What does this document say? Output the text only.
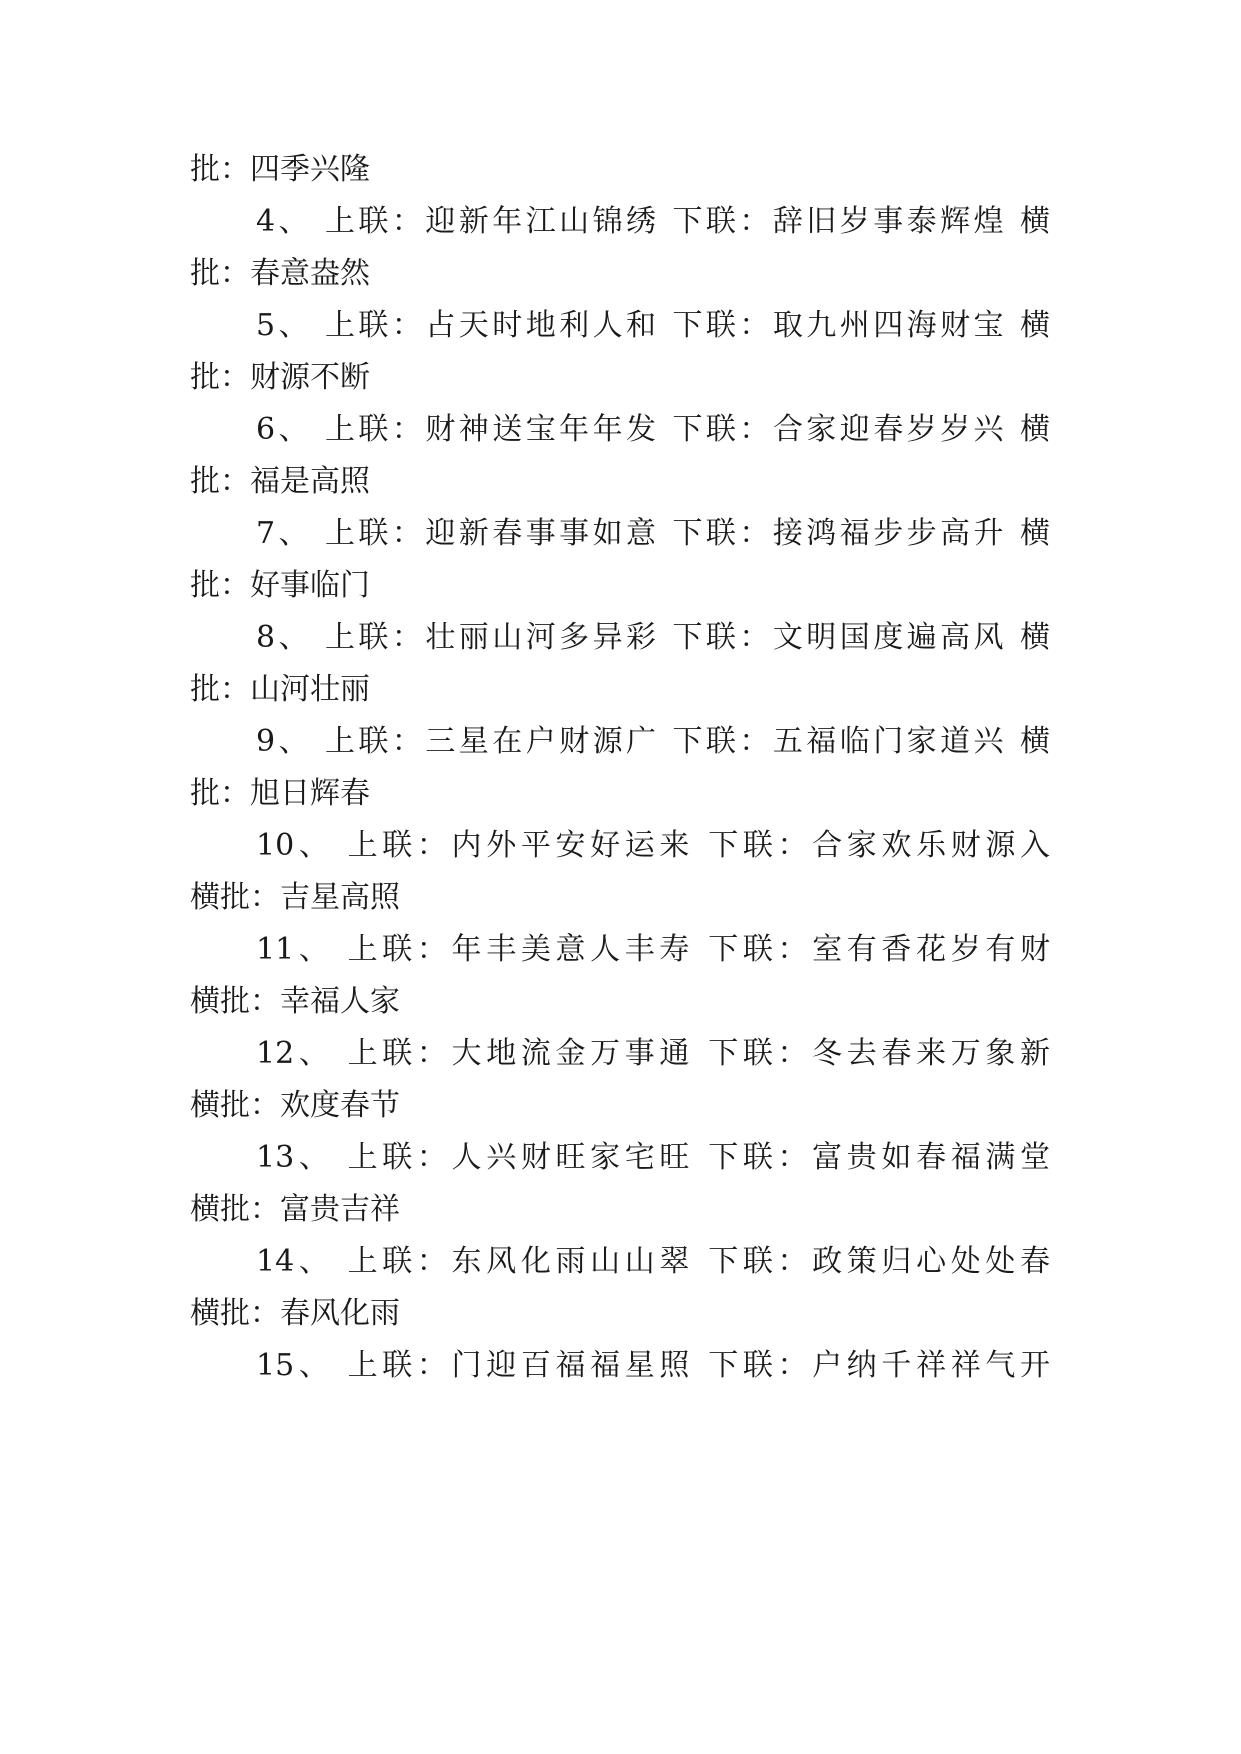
批：四季兴隆
4、 上联：迎新年江山锦绣 下联：辞旧岁事泰辉煌 横
批：春意盎然
5、 上联：占天时地利人和 下联：取九州四海财宝 横
批：财源不断
6、 上联：财神送宝年年发 下联：合家迎春岁岁兴 横
批：福是高照
7、 上联：迎新春事事如意 下联：接鸿福步步高升 横
批：好事临门
8、 上联：壮丽山河多异彩 下联：文明国度遍高风 横
批：山河壮丽
9、 上联：三星在户财源广 下联：五福临门家道兴 横
批：旭日辉春
10、 上联：内外平安好运来 下联：合家欢乐财源入
横批：吉星高照
11、 上联：年丰美意人丰寿 下联：室有香花岁有财
横批：幸福人家
12、 上联：大地流金万事通 下联：冬去春来万象新
横批：欢度春节
13、 上联：人兴财旺家宅旺 下联：富贵如春福满堂
横批：富贵吉祥
14、 上联：东风化雨山山翠 下联：政策归心处处春
横批：春风化雨
15、 上联：门迎百福福星照 下联：户纳千祥祥气开
